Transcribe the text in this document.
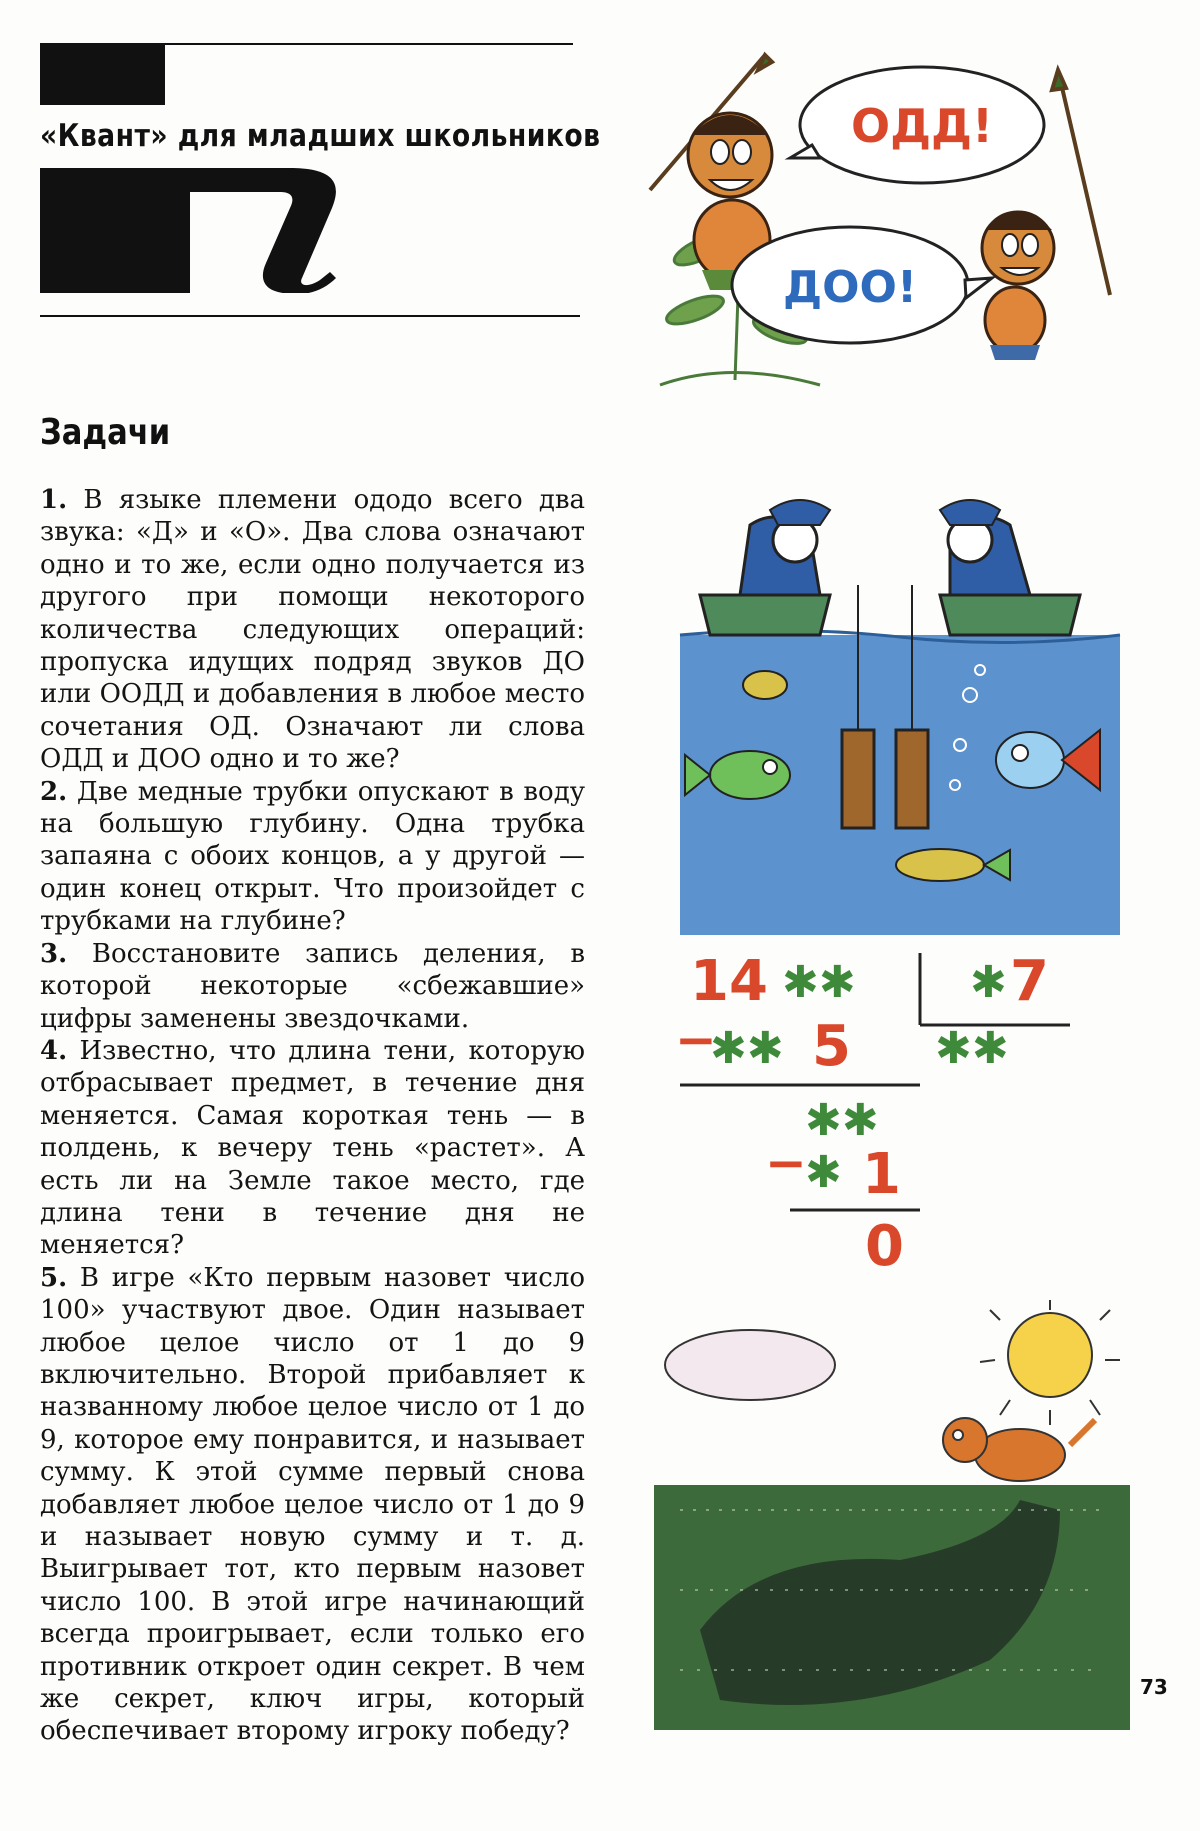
«Квант» для младших школьников
Задачи

1. В языке племени ододо всего два звука: «Д» и «О». Два слова означают одно и то же, если одно получается из другого при помощи некоторого количества следующих операций: пропуска идущих подряд звуков ДО или ООДД и добавления в любое место сочетания ОД. Означают ли слова ОДД и ДОО одно и то же?

2. Две медные трубки опускают в воду на большую глубину. Одна трубка запаяна с обоих концов, а у другой — один конец открыт. Что произойдет с трубками на глубине?

3. Восстановите запись деления, в которой некоторые «сбежавшие» цифры заменены звездочками.

4. Известно, что длина тени, которую отбрасывает предмет, в течение дня меняется. Самая короткая тень — в полдень, к вечеру тень «растет». А есть ли на Земле такое место, где длина тени в течение дня не меняется?

5. В игре «Кто первым назовет число 100» участвуют двое. Один называет любое целое число от 1 до 9 включительно. Второй прибавляет к названному любое целое число от 1 до 9, которое ему понравится, и называет сумму. К этой сумме первый снова добавляет любое целое число от 1 до 9 и называет новую сумму и т. д. Выигрывает тот, кто первым назовет число 100. В этой игре начинающий всегда проигрывает, если только его противник откроет один секрет. В чем же секрет, ключ игры, который обеспечивает второму игроку победу?

ОДД!
ДОО!
14 ✱✱	✱ 7
−
✱✱ 5 ✱✱
✱✱
−
✱ 1
0
73
